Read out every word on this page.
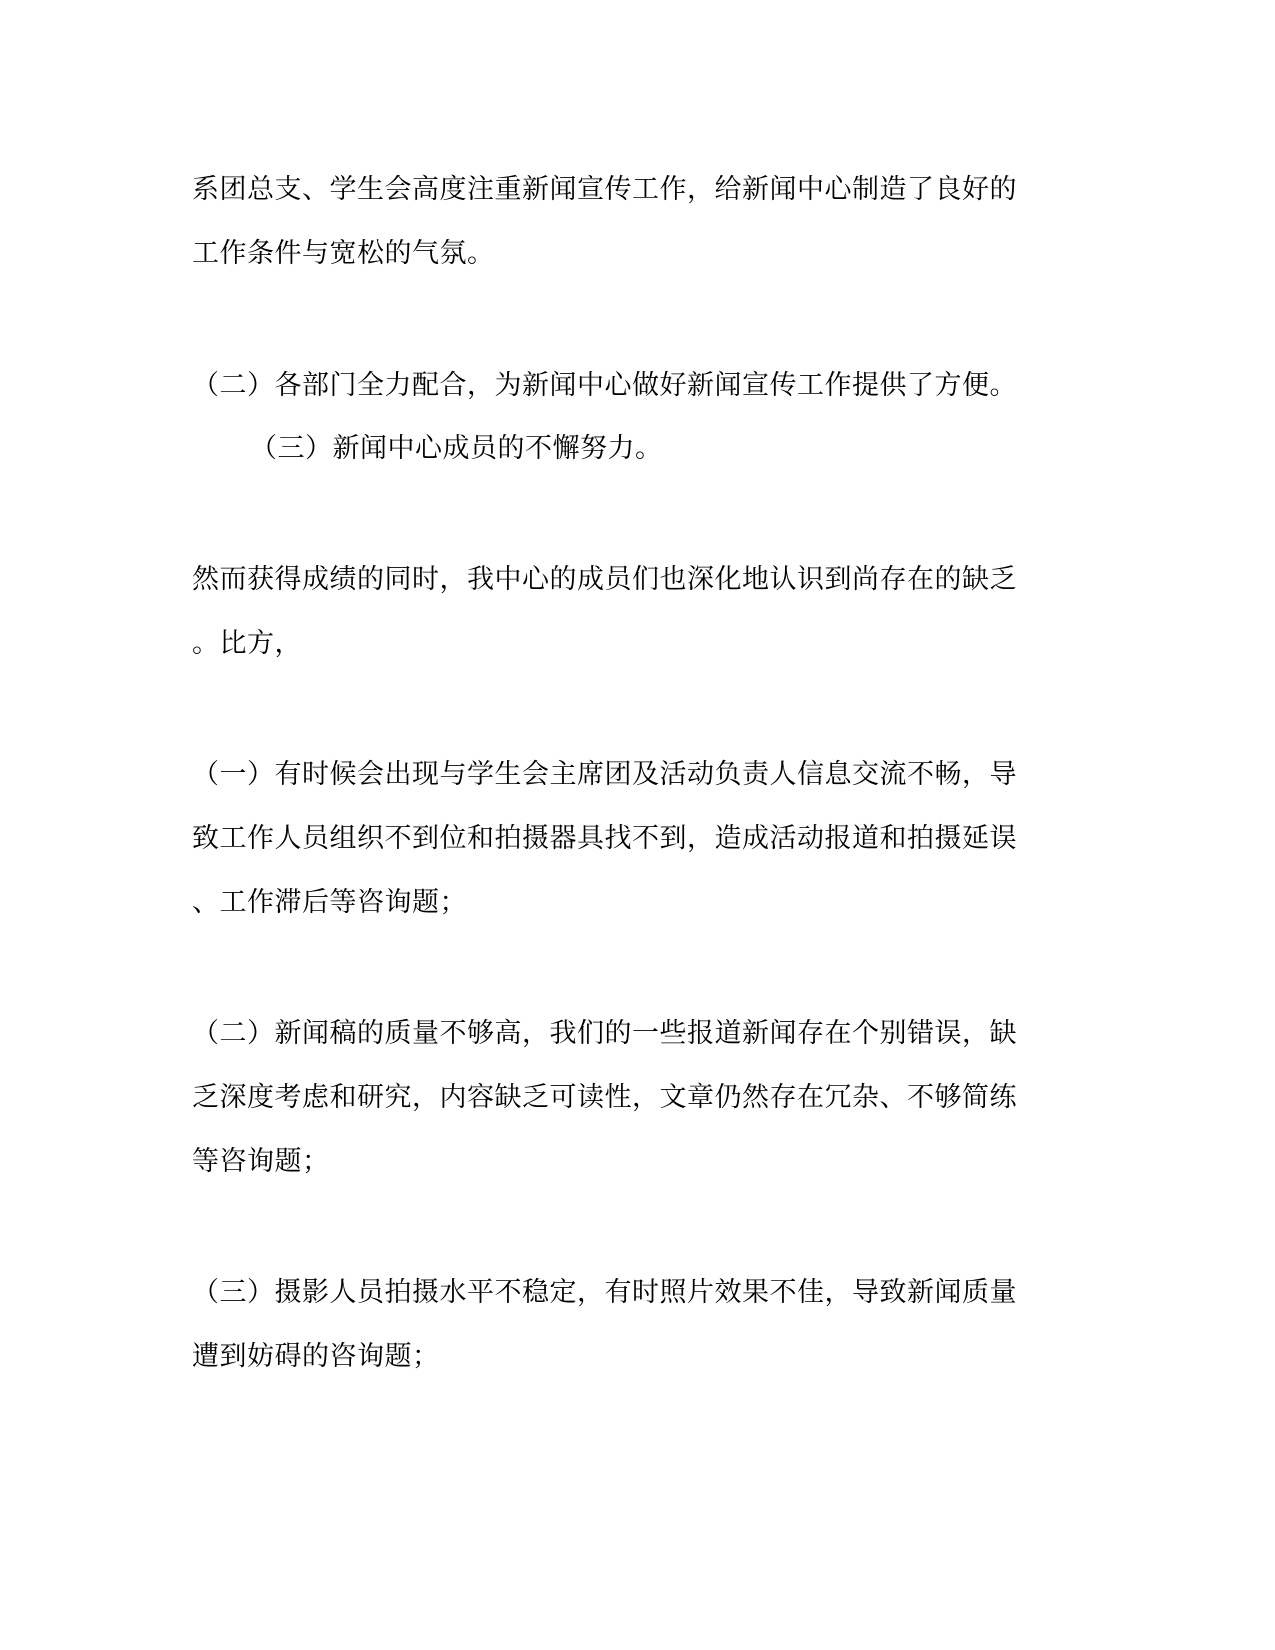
系团总支、学生会高度注重新闻宣传工作，给新闻中心制造了良好的
工作条件与宽松的气氛。
（二）各部门全力配合，为新闻中心做好新闻宣传工作提供了方便。
（三）新闻中心成员的不懈努力。
然而获得成绩的同时，我中心的成员们也深化地认识到尚存在的缺乏
。比方，
（一）有时候会出现与学生会主席团及活动负责人信息交流不畅，导
致工作人员组织不到位和拍摄器具找不到，造成活动报道和拍摄延误
、工作滞后等咨询题；
（二）新闻稿的质量不够高，我们的一些报道新闻存在个别错误，缺
乏深度考虑和研究，内容缺乏可读性，文章仍然存在冗杂、不够简练
等咨询题；
（三）摄影人员拍摄水平不稳定，有时照片效果不佳，导致新闻质量
遭到妨碍的咨询题；
